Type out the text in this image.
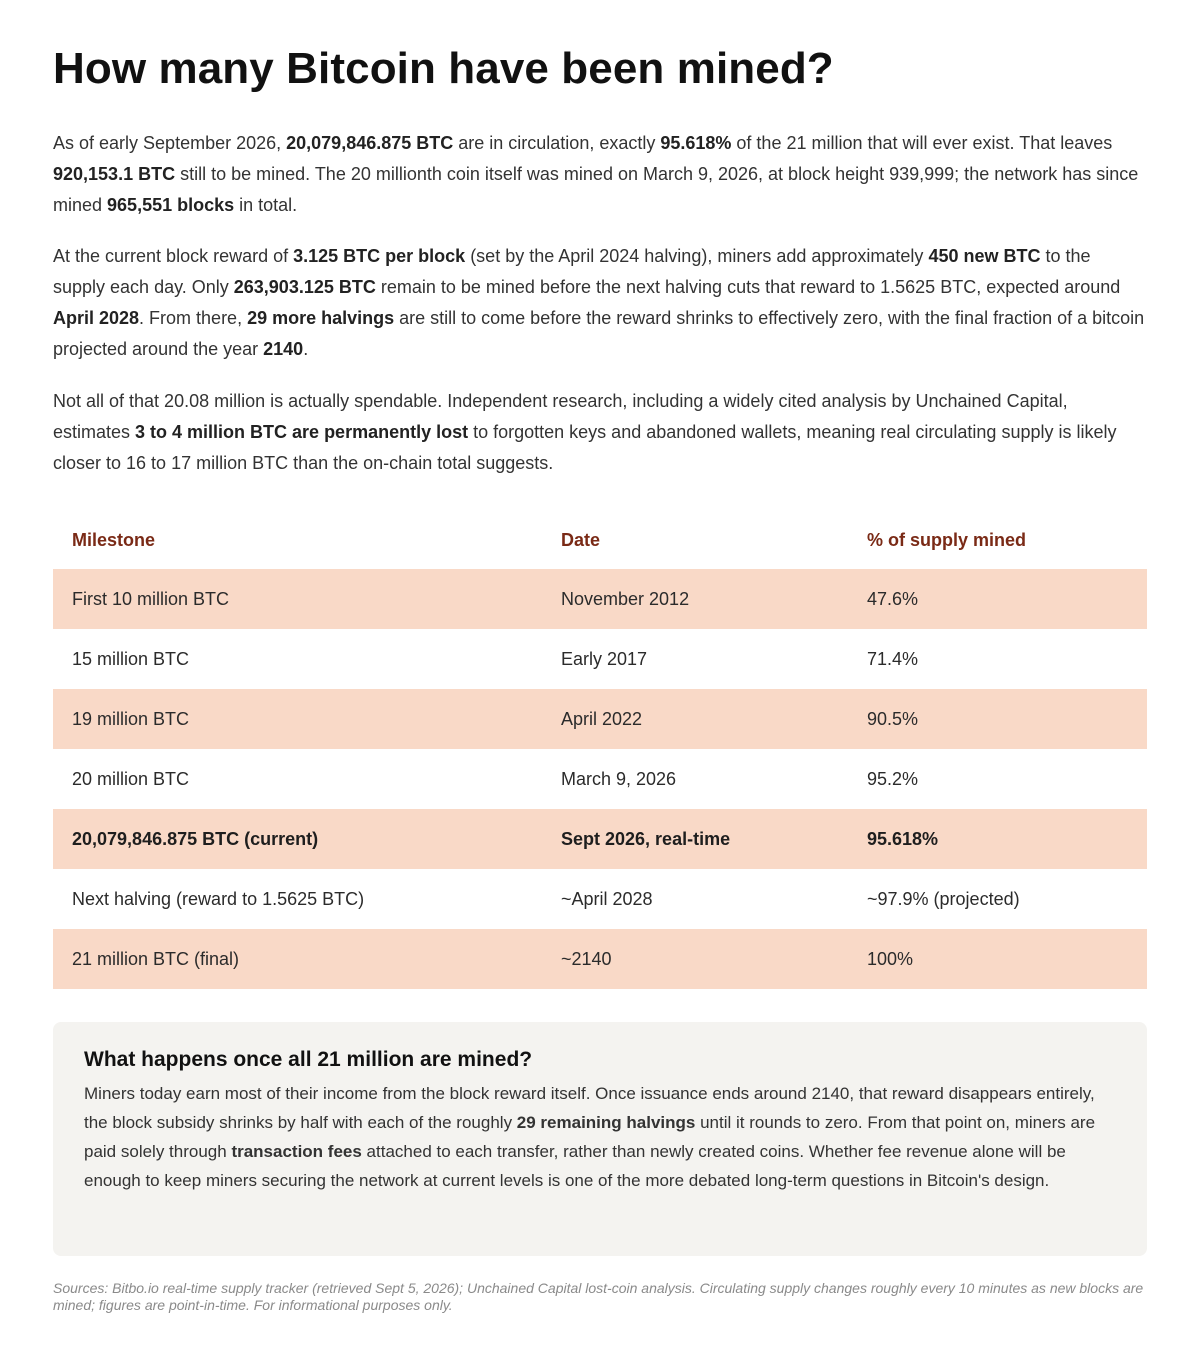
How many Bitcoin have been mined?

As of early September 2026, 20,079,846.875 BTC are in circulation, exactly 95.618% of the 21 million that will ever exist. That leaves 920,153.1 BTC still to be mined. The 20 millionth coin itself was mined on March 9, 2026, at block height 939,999; the network has since mined 965,551 blocks in total.

At the current block reward of 3.125 BTC per block (set by the April 2024 halving), miners add approximately 450 new BTC to the supply each day. Only 263,903.125 BTC remain to be mined before the next halving cuts that reward to 1.5625 BTC, expected around April 2028. From there, 29 more halvings are still to come before the reward shrinks to effectively zero, with the final fraction of a bitcoin projected around the year 2140.

Not all of that 20.08 million is actually spendable. Independent research, including a widely cited analysis by Unchained Capital, estimates 3 to 4 million BTC are permanently lost to forgotten keys and abandoned wallets, meaning real circulating supply is likely closer to 16 to 17 million BTC than the on-chain total suggests.

Milestone	Date	% of supply mined
First 10 million BTC	November 2012	47.6%
15 million BTC	Early 2017	71.4%
19 million BTC	April 2022	90.5%
20 million BTC	March 9, 2026	95.2%
20,079,846.875 BTC (current)	Sept 2026, real-time	95.618%
Next halving (reward to 1.5625 BTC)	~April 2028	~97.9% (projected)
21 million BTC (final)	~2140	100%
What happens once all 21 million are mined?

Miners today earn most of their income from the block reward itself. Once issuance ends around 2140, that reward disappears entirely, the block subsidy shrinks by half with each of the roughly 29 remaining halvings until it rounds to zero. From that point on, miners are paid solely through transaction fees attached to each transfer, rather than newly created coins. Whether fee revenue alone will be enough to keep miners securing the network at current levels is one of the more debated long-term questions in Bitcoin's design.

Sources: Bitbo.io real-time supply tracker (retrieved Sept 5, 2026); Unchained Capital lost-coin analysis. Circulating supply changes roughly every 10 minutes as new blocks are mined; figures are point-in-time. For informational purposes only.
